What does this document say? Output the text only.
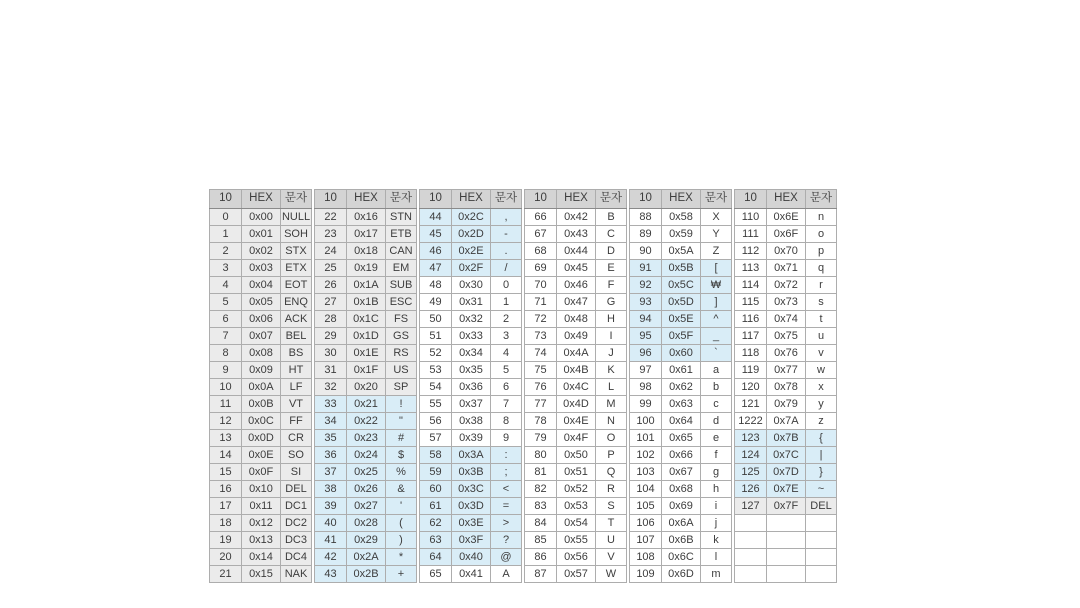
10	HEX	문자
0	0x00	NULL
1	0x01	SOH
2	0x02	STX
3	0x03	ETX
4	0x04	EOT
5	0x05	ENQ
6	0x06	ACK
7	0x07	BEL
8	0x08	BS
9	0x09	HT
10	0x0A	LF
11	0x0B	VT
12	0x0C	FF
13	0x0D	CR
14	0x0E	SO
15	0x0F	SI
16	0x10	DEL
17	0x11	DC1
18	0x12	DC2
19	0x13	DC3
20	0x14	DC4
21	0x15	NAK
10	HEX	문자
22	0x16	STN
23	0x17	ETB
24	0x18	CAN
25	0x19	EM
26	0x1A	SUB
27	0x1B	ESC
28	0x1C	FS
29	0x1D	GS
30	0x1E	RS
31	0x1F	US
32	0x20	SP
33	0x21	!
34	0x22	"
35	0x23	#
36	0x24	$
37	0x25	%
38	0x26	&
39	0x27	'
40	0x28	(
41	0x29	)
42	0x2A	*
43	0x2B	+
10	HEX	문자
44	0x2C	,
45	0x2D	-
46	0x2E	.
47	0x2F	/
48	0x30	0
49	0x31	1
50	0x32	2
51	0x33	3
52	0x34	4
53	0x35	5
54	0x36	6
55	0x37	7
56	0x38	8
57	0x39	9
58	0x3A	:
59	0x3B	;
60	0x3C	<
61	0x3D	=
62	0x3E	>
63	0x3F	?
64	0x40	@
65	0x41	A
10	HEX	문자
66	0x42	B
67	0x43	C
68	0x44	D
69	0x45	E
70	0x46	F
71	0x47	G
72	0x48	H
73	0x49	I
74	0x4A	J
75	0x4B	K
76	0x4C	L
77	0x4D	M
78	0x4E	N
79	0x4F	O
80	0x50	P
81	0x51	Q
82	0x52	R
83	0x53	S
84	0x54	T
85	0x55	U
86	0x56	V
87	0x57	W
10	HEX	문자
88	0x58	X
89	0x59	Y
90	0x5A	Z
91	0x5B	[
92	0x5C	₩
93	0x5D	]
94	0x5E	^
95	0x5F	_
96	0x60	`
97	0x61	a
98	0x62	b
99	0x63	c
100	0x64	d
101	0x65	e
102	0x66	f
103	0x67	g
104	0x68	h
105	0x69	i
106	0x6A	j
107	0x6B	k
108	0x6C	l
109	0x6D	m
10	HEX	문자
110	0x6E	n
111	0x6F	o
112	0x70	p
113	0x71	q
114	0x72	r
115	0x73	s
116	0x74	t
117	0x75	u
118	0x76	v
119	0x77	w
120	0x78	x
121	0x79	y
1222	0x7A	z
123	0x7B	{
124	0x7C	|
125	0x7D	}
126	0x7E	~
127	0x7F	DEL
